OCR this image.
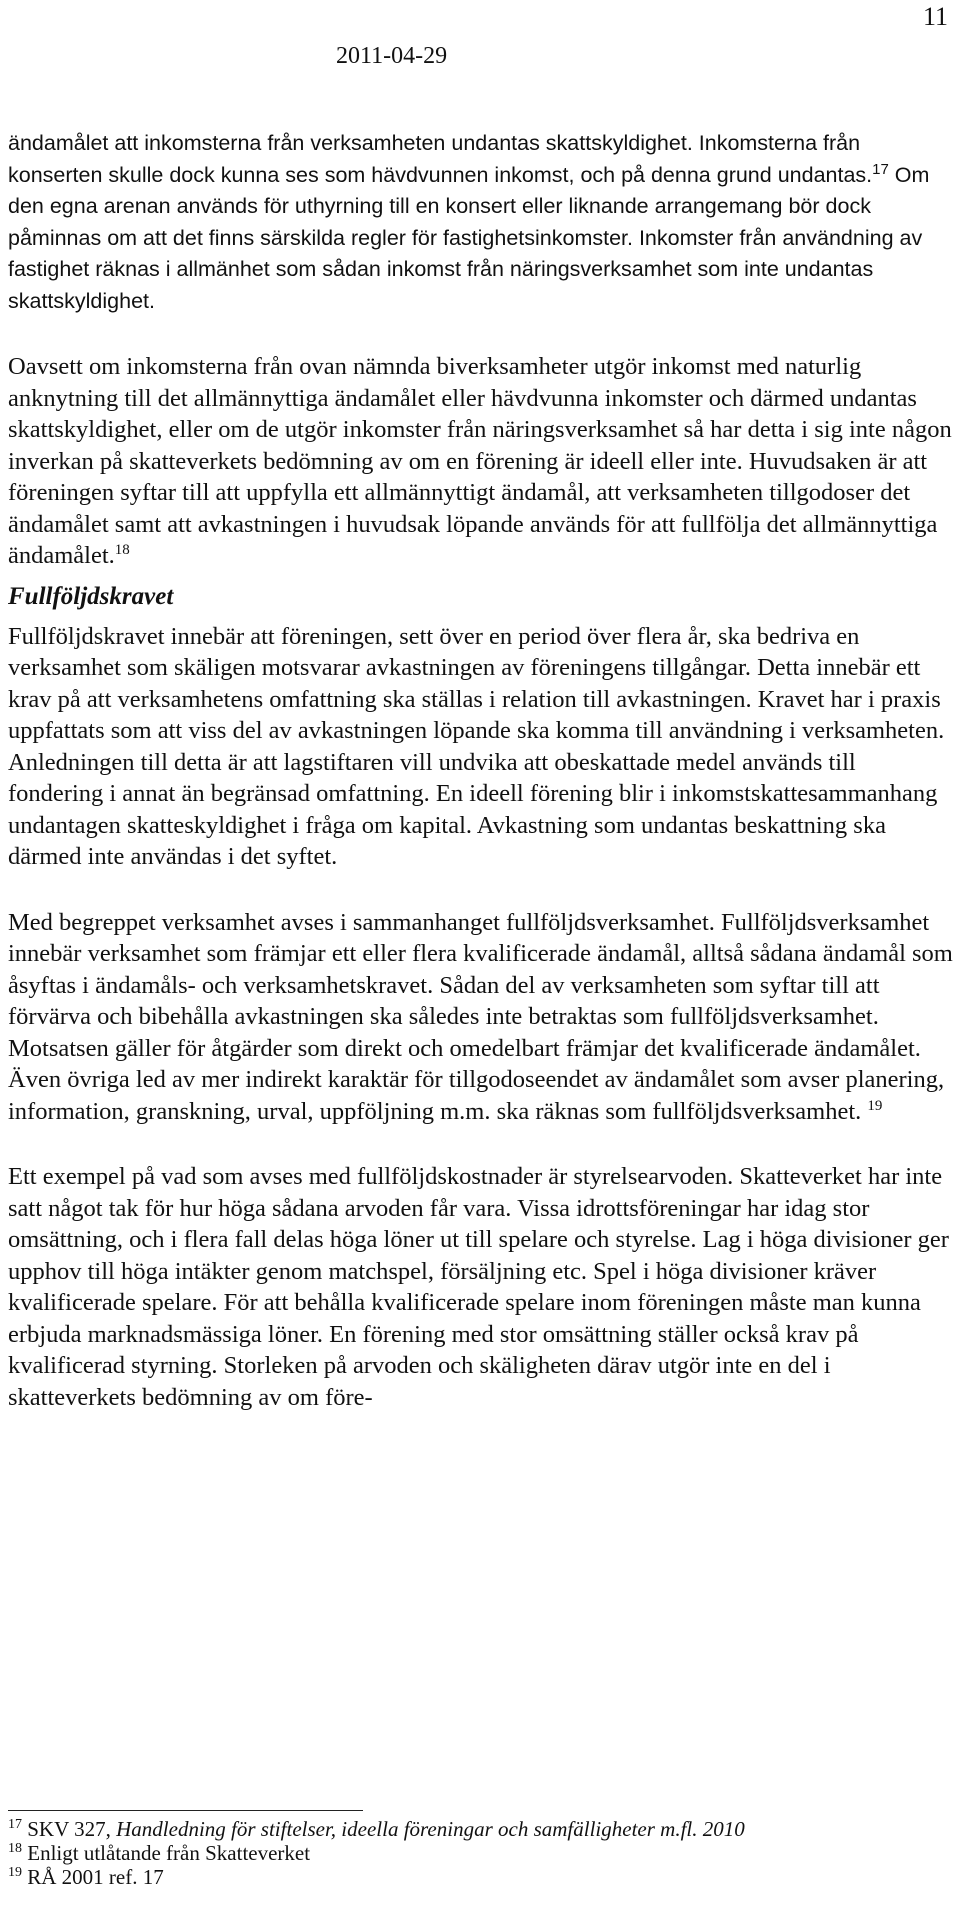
11
2011-04-29

ändamålet att inkomsterna från verksamheten undantas skattskyldighet. Inkomsterna från konserten skulle dock kunna ses som hävdvunnen inkomst, och på denna grund undantas.$^{17}$ Om den egna arenan används för uthyrning till en konsert eller liknande arrangemang bör dock påminnas om att det finns särskilda regler för fastighetsinkomster. Inkomster från användning av fastighet räknas i allmänhet som sådan inkomst från näringsverksamhet som inte undantas skattskyldighet.

Oavsett om inkomsterna från ovan nämnda biverksamheter utgör inkomst med naturlig anknytning till det allmännyttiga ändamålet eller hävdvunna inkomster och därmed undantas skattskyldighet, eller om de utgör inkomster från näringsverksamhet så har detta i sig inte någon inverkan på skatteverkets bedömning av om en förening är ideell eller inte. Huvudsaken är att föreningen syftar till att uppfylla ett allmännyttigt ändamål, att verksamheten tillgodoser det ändamålet samt att avkastningen i huvudsak löpande används för att fullfölja det allmännyttiga ändamålet.$^{18}$

Fullföljdskravet

Fullföljdskravet innebär att föreningen, sett över en period över flera år, ska bedriva en verksamhet som skäligen motsvarar avkastningen av föreningens tillgångar. Detta innebär ett krav på att verksamhetens omfattning ska ställas i relation till avkastningen. Kravet har i praxis uppfattats som att viss del av avkastningen löpande ska komma till användning i verksamheten. Anledningen till detta är att lagstiftaren vill undvika att obeskattade medel används till fondering i annat än begränsad omfattning. En ideell förening blir i inkomstskattesammanhang undantagen skatteskyldighet i fråga om kapital. Avkastning som undantas beskattning ska därmed inte användas i det syftet.

Med begreppet verksamhet avses i sammanhanget fullföljdsverksamhet. Fullföljdsverksamhet innebär verksamhet som främjar ett eller flera kvalificerade ändamål, alltså sådana ändamål som åsyftas i ändamåls- och verksamhetskravet. Sådan del av verksamheten som syftar till att förvärva och bibehålla avkastningen ska således inte betraktas som fullföljdsverksamhet. Motsatsen gäller för åtgärder som direkt och omedelbart främjar det kvalificerade ändamålet. Även övriga led av mer indirekt karaktär för tillgodoseendet av ändamålet som avser planering, information, granskning, urval, uppföljning m.m. ska räknas som fullföljdsverksamhet. $^{19}$

Ett exempel på vad som avses med fullföljdskostnader är styrelsearvoden. Skatteverket har inte satt något tak för hur höga sådana arvoden får vara. Vissa idrottsföreningar har idag stor omsättning, och i flera fall delas höga löner ut till spelare och styrelse. Lag i höga divisioner ger upphov till höga intäkter genom matchspel, försäljning etc. Spel i höga divisioner kräver kvalificerade spelare. För att behålla kvalificerade spelare inom föreningen måste man kunna erbjuda marknadsmässiga löner. En förening med stor omsättning ställer också krav på kvalificerad styrning. Storleken på arvoden och skäligheten därav utgör inte en del i skatteverkets bedömning av om före-

$^{17}$ SKV 327, Handledning för stiftelser, ideella föreningar och samfälligheter m.fl. 2010
$^{18}$ Enligt utlåtande från Skatteverket
$^{19}$ RÅ 2001 ref. 17
